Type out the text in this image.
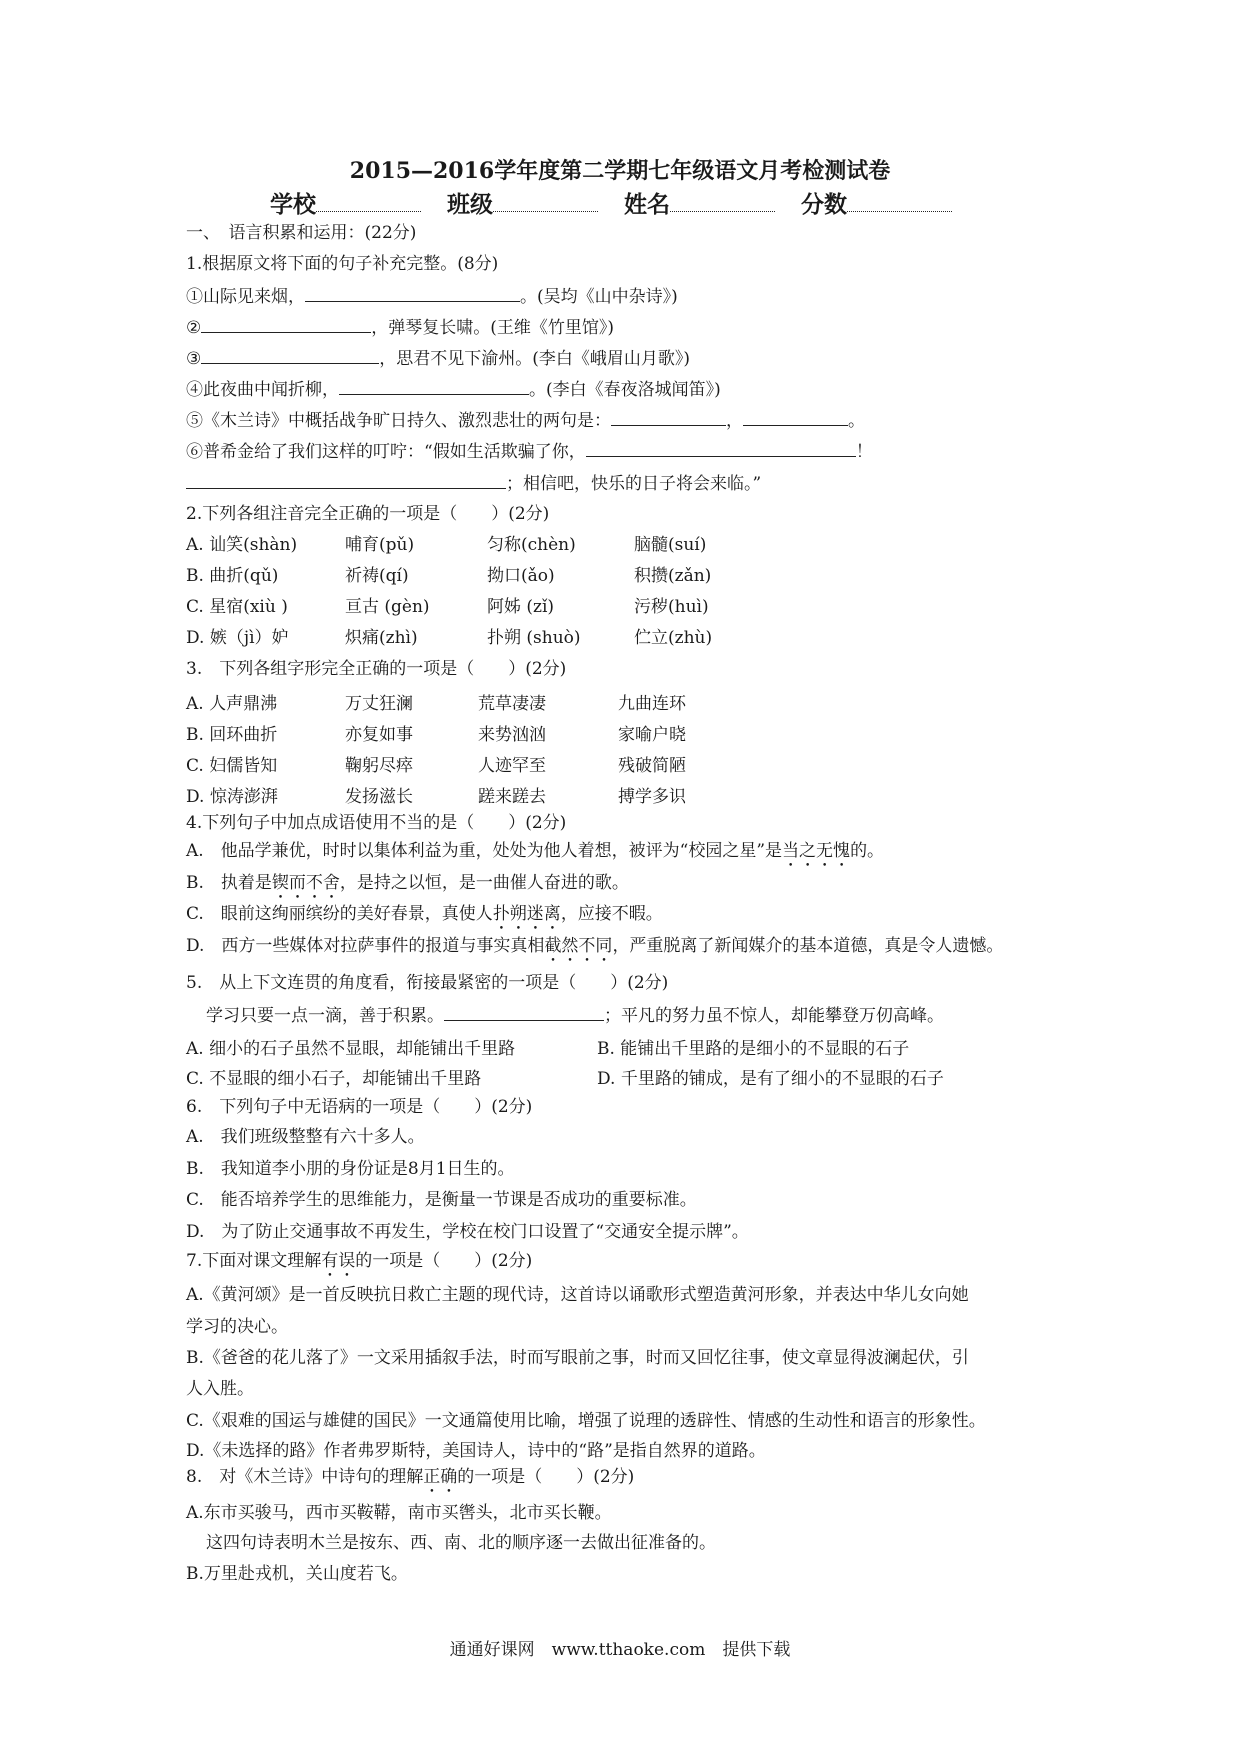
2015—2016学年度第二学期七年级语文月考检测试卷
学校	班级	姓名	分数
一、　语言积累和运用：(22分)
1.根据原文将下面的句子补充完整。(8分)
①山际见来烟，	。(吴均《山中杂诗》)
②	，弹琴复长啸。(王维《竹里馆》)
③	，思君不见下渝州。(李白《峨眉山月歌》)
④此夜曲中闻折柳，	。(李白《春夜洛城闻笛》)
⑤《木兰诗》中概括战争旷日持久、激烈悲壮的两句是：	，	。
⑥普希金给了我们这样的叮咛：“假如生活欺骗了你，	！
；相信吧，快乐的日子将会来临。”
2.下列各组注音完全正确的一项是（　　）(2分)
A. 讪笑(shàn)	哺育(pǔ)	匀称(chèn)	脑髓(suí)
B. 曲折(qǔ)	祈祷(qí)	拗口(ǎo)	积攒(zǎn)
C. 星宿(xiù )	亘古 (gèn)	阿姊 (zǐ)	污秽(huì)
D. 嫉（jì）妒	炽痛(zhì)	扑朔 (shuò)	伫立(zhù)
3.　下列各组字形完全正确的一项是（　　）(2分)
A. 人声鼎沸	万丈狂澜	荒草凄凄	九曲连环
B. 回环曲折	亦复如事	来势汹汹	家喻户晓
C. 妇儒皆知	鞠躬尽瘁	人迹罕至	残破简陋
D. 惊涛澎湃	发扬滋长	蹉来蹉去	搏学多识
4.下列句子中加点成语使用不当的是（　　）(2分)
A.　他品学兼优，时时以集体利益为重，处处为他人着想，被评为“校园之星”是当之无愧的。
B.　执着是锲而不舍，是持之以恒，是一曲催人奋进的歌。
C.　眼前这绚丽缤纷的美好春景，真使人扑朔迷离，应接不暇。
D.　西方一些媒体对拉萨事件的报道与事实真相截然不同，严重脱离了新闻媒介的基本道德，真是令人遗憾。
5.　从上下文连贯的角度看，衔接最紧密的一项是（　　）(2分)
学习只要一点一滴，善于积累。	；平凡的努力虽不惊人，却能攀登万仞高峰。
A. 细小的石子虽然不显眼，却能铺出千里路	B. 能铺出千里路的是细小的不显眼的石子
C. 不显眼的细小石子，却能铺出千里路	D. 千里路的铺成，是有了细小的不显眼的石子
6.　下列句子中无语病的一项是（　　）(2分)
A.　我们班级整整有六十多人。
B.　我知道李小朋的身份证是8月1日生的。
C.　能否培养学生的思维能力，是衡量一节课是否成功的重要标准。
D.　为了防止交通事故不再发生，学校在校门口设置了“交通安全提示牌”。
7.下面对课文理解有误的一项是（　　）(2分)
A.《黄河颂》是一首反映抗日救亡主题的现代诗，这首诗以诵歌形式塑造黄河形象，并表达中华儿女向她
学习的决心。
B.《爸爸的花儿落了》一文采用插叙手法，时而写眼前之事，时而又回忆往事，使文章显得波澜起伏，引
人入胜。
C.《艰难的国运与雄健的国民》一文通篇使用比喻，增强了说理的透辟性、情感的生动性和语言的形象性。
D.《未选择的路》作者弗罗斯特，美国诗人，诗中的“路”是指自然界的道路。
8.　对《木兰诗》中诗句的理解正确的一项是（　　）(2分)
A.东市买骏马，西市买鞍鞯，南市买辔头，北市买长鞭。
这四句诗表明木兰是按东、西、南、北的顺序逐一去做出征准备的。
B.万里赴戎机，关山度若飞。
通通好课网　www.tthaoke.com　提供下载
